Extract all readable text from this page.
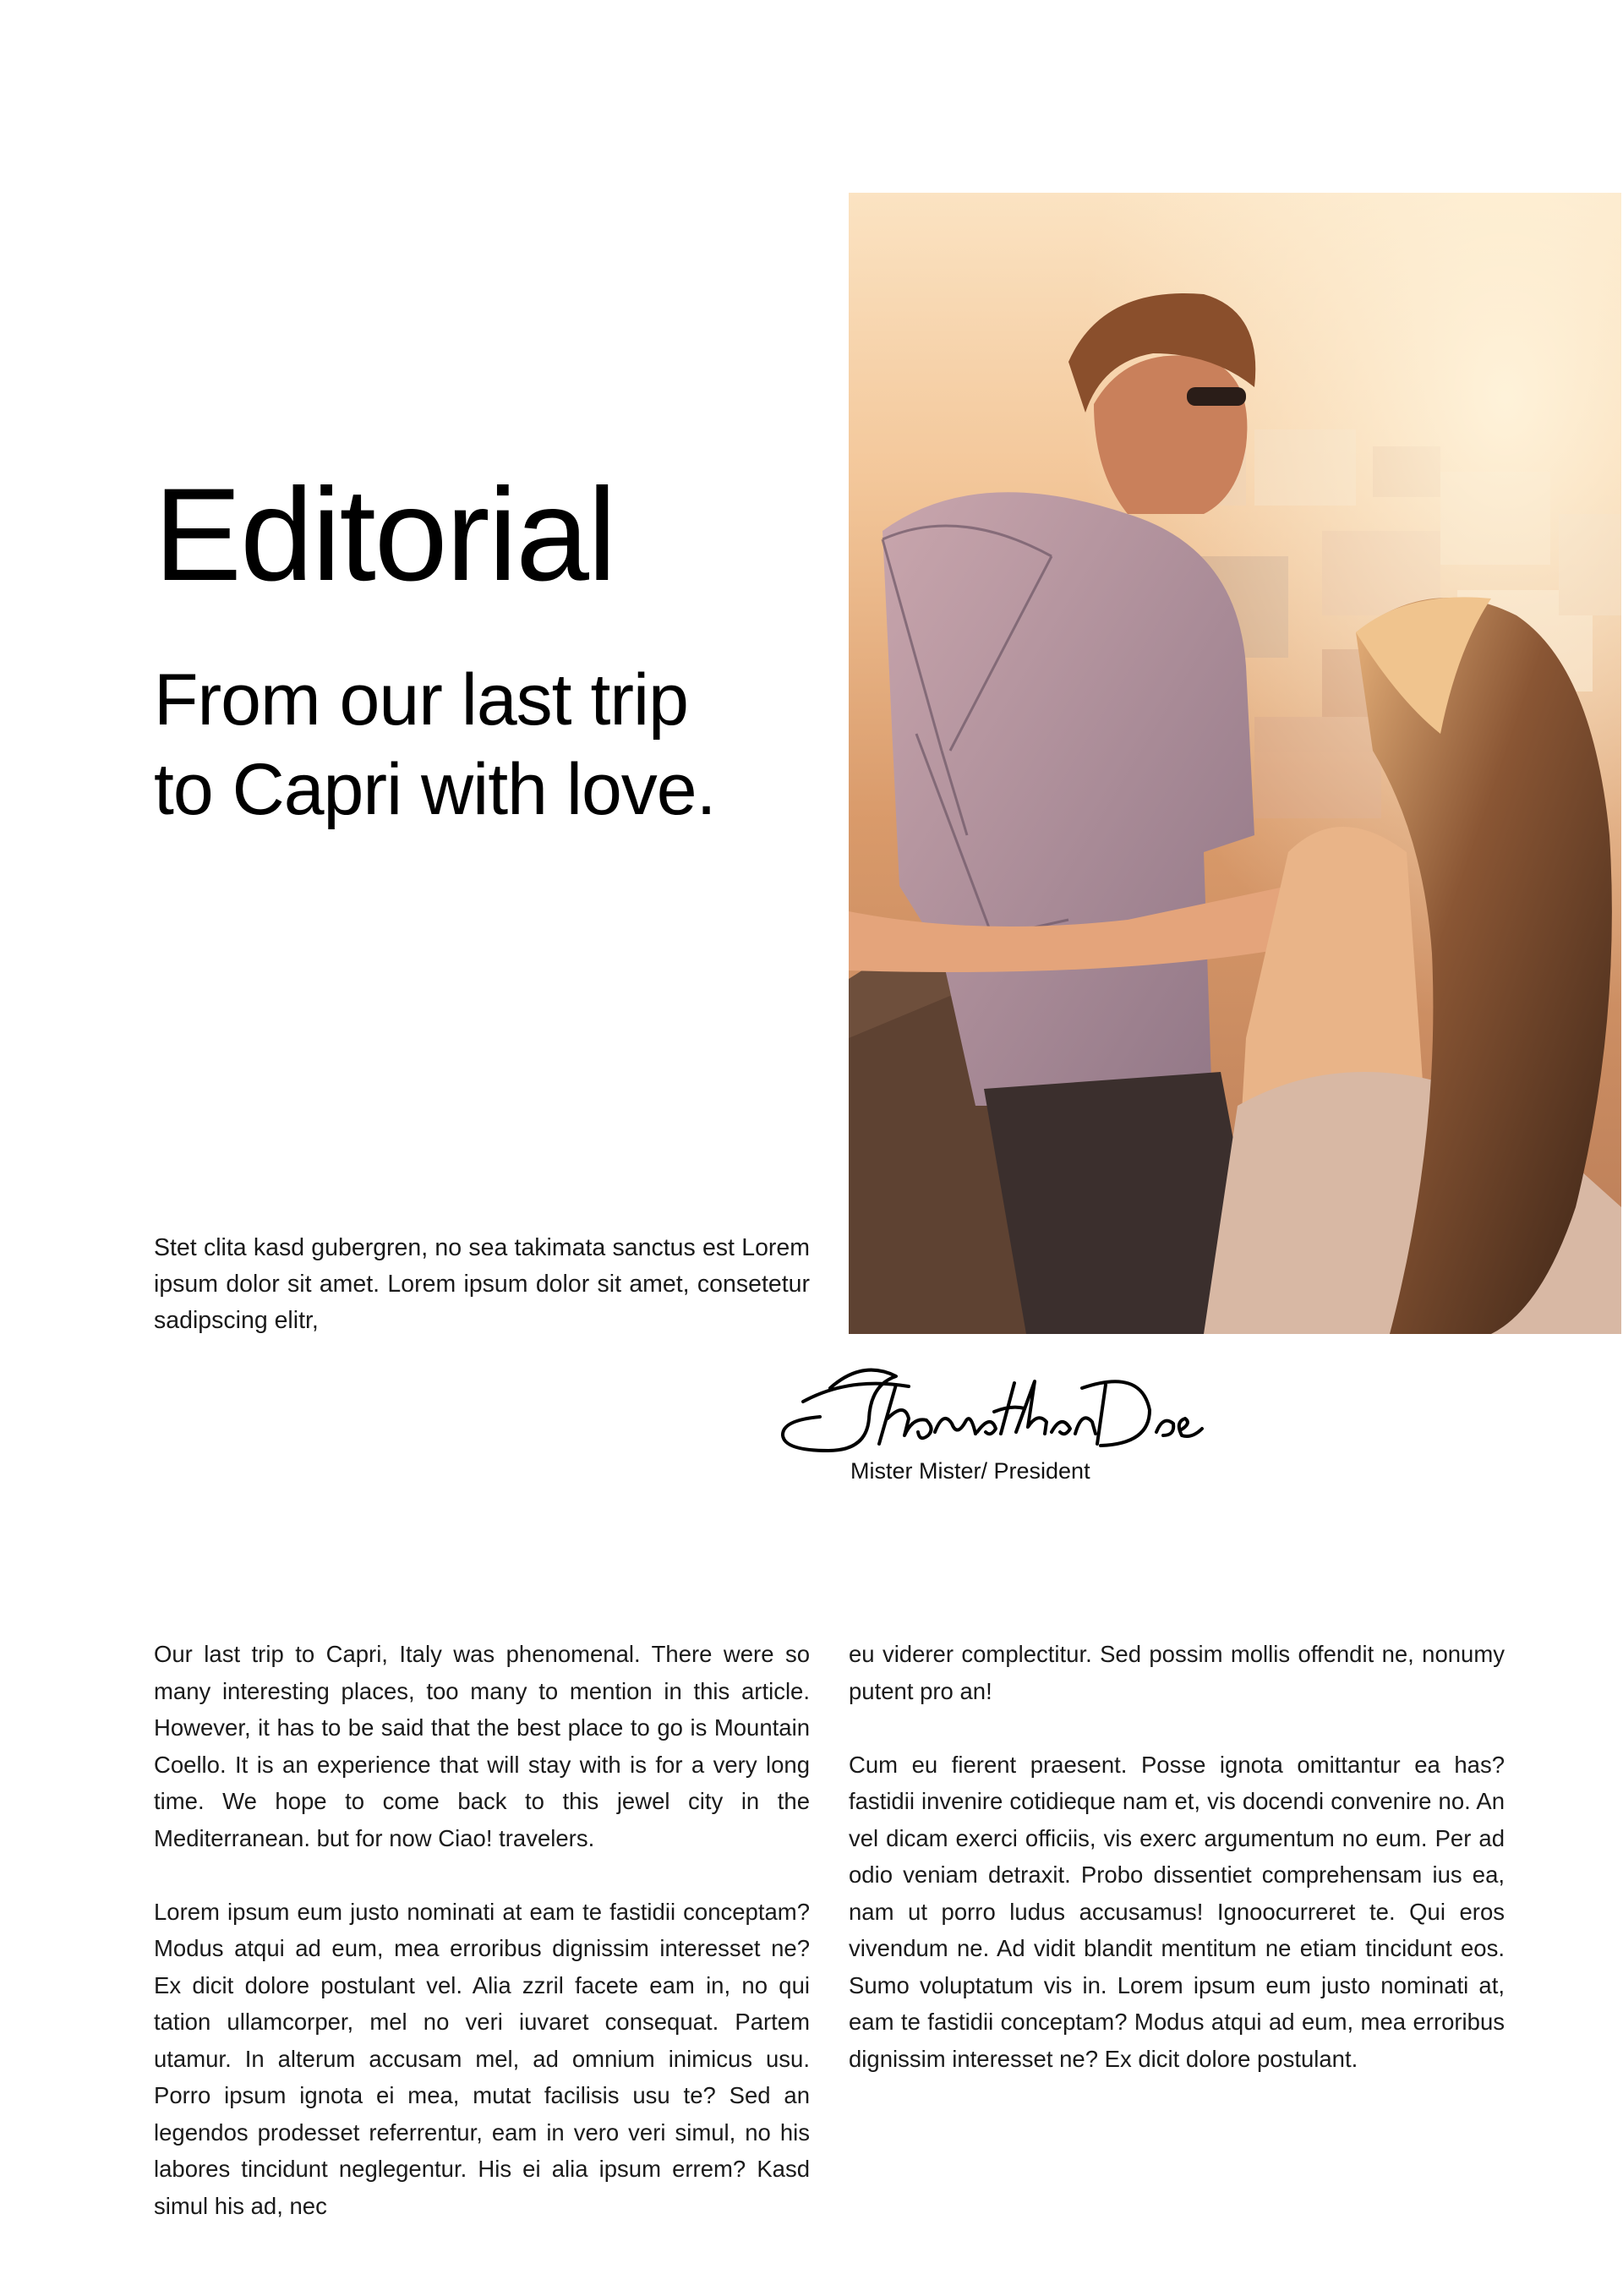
Editorial
From our last trip
to Capri with love.

Stet clita kasd gubergren, no sea takimata sanctus est Lorem ipsum dolor sit amet. Lorem ipsum dolor sit amet, consetetur sadipscing elitr,

Mister Mister/ President

Our last trip to Capri, Italy was phenomenal. There were so many interesting places, too many to mention in this article. However, it has to be said that the best place to go is Mountain Coello. It is an experience that will stay with is for a very long time. We hope to come back to this jewel city in the Mediterranean. but for now Ciao! travelers.

Lorem ipsum eum justo nominati at eam te fastidii conceptam? Modus atqui ad eum, mea erroribus dignissim interesset ne? Ex dicit dolore postulant vel. Alia zzril facete eam in, no qui tation ullamcorper, mel no veri iuvaret consequat. Partem utamur. In alterum accusam mel, ad omnium inimicus usu. Porro ipsum ignota ei mea, mutat facilisis usu te? Sed an legendos prodesset referrentur, eam in vero veri simul, no his labores tincidunt neglegentur. His ei alia ipsum errem? Kasd simul his ad, nec

eu viderer complectitur. Sed possim mollis offendit ne, nonumy putent pro an!

Cum eu fierent praesent. Posse ignota omittantur ea has? fastidii invenire cotidieque nam et, vis docendi convenire no. An vel dicam exerci officiis, vis exerc argumentum no eum. Per ad odio veniam detraxit. Probo dissentiet comprehensam ius ea, nam ut porro ludus accusamus! Ignoocurreret te. Qui eros vivendum ne. Ad vidit blandit mentitum ne etiam tincidunt eos. Sumo voluptatum vis in. Lorem ipsum eum justo nominati at, eam te fastidii conceptam? Modus atqui ad eum, mea erroribus dignissim interesset ne? Ex dicit dolore postulant.
